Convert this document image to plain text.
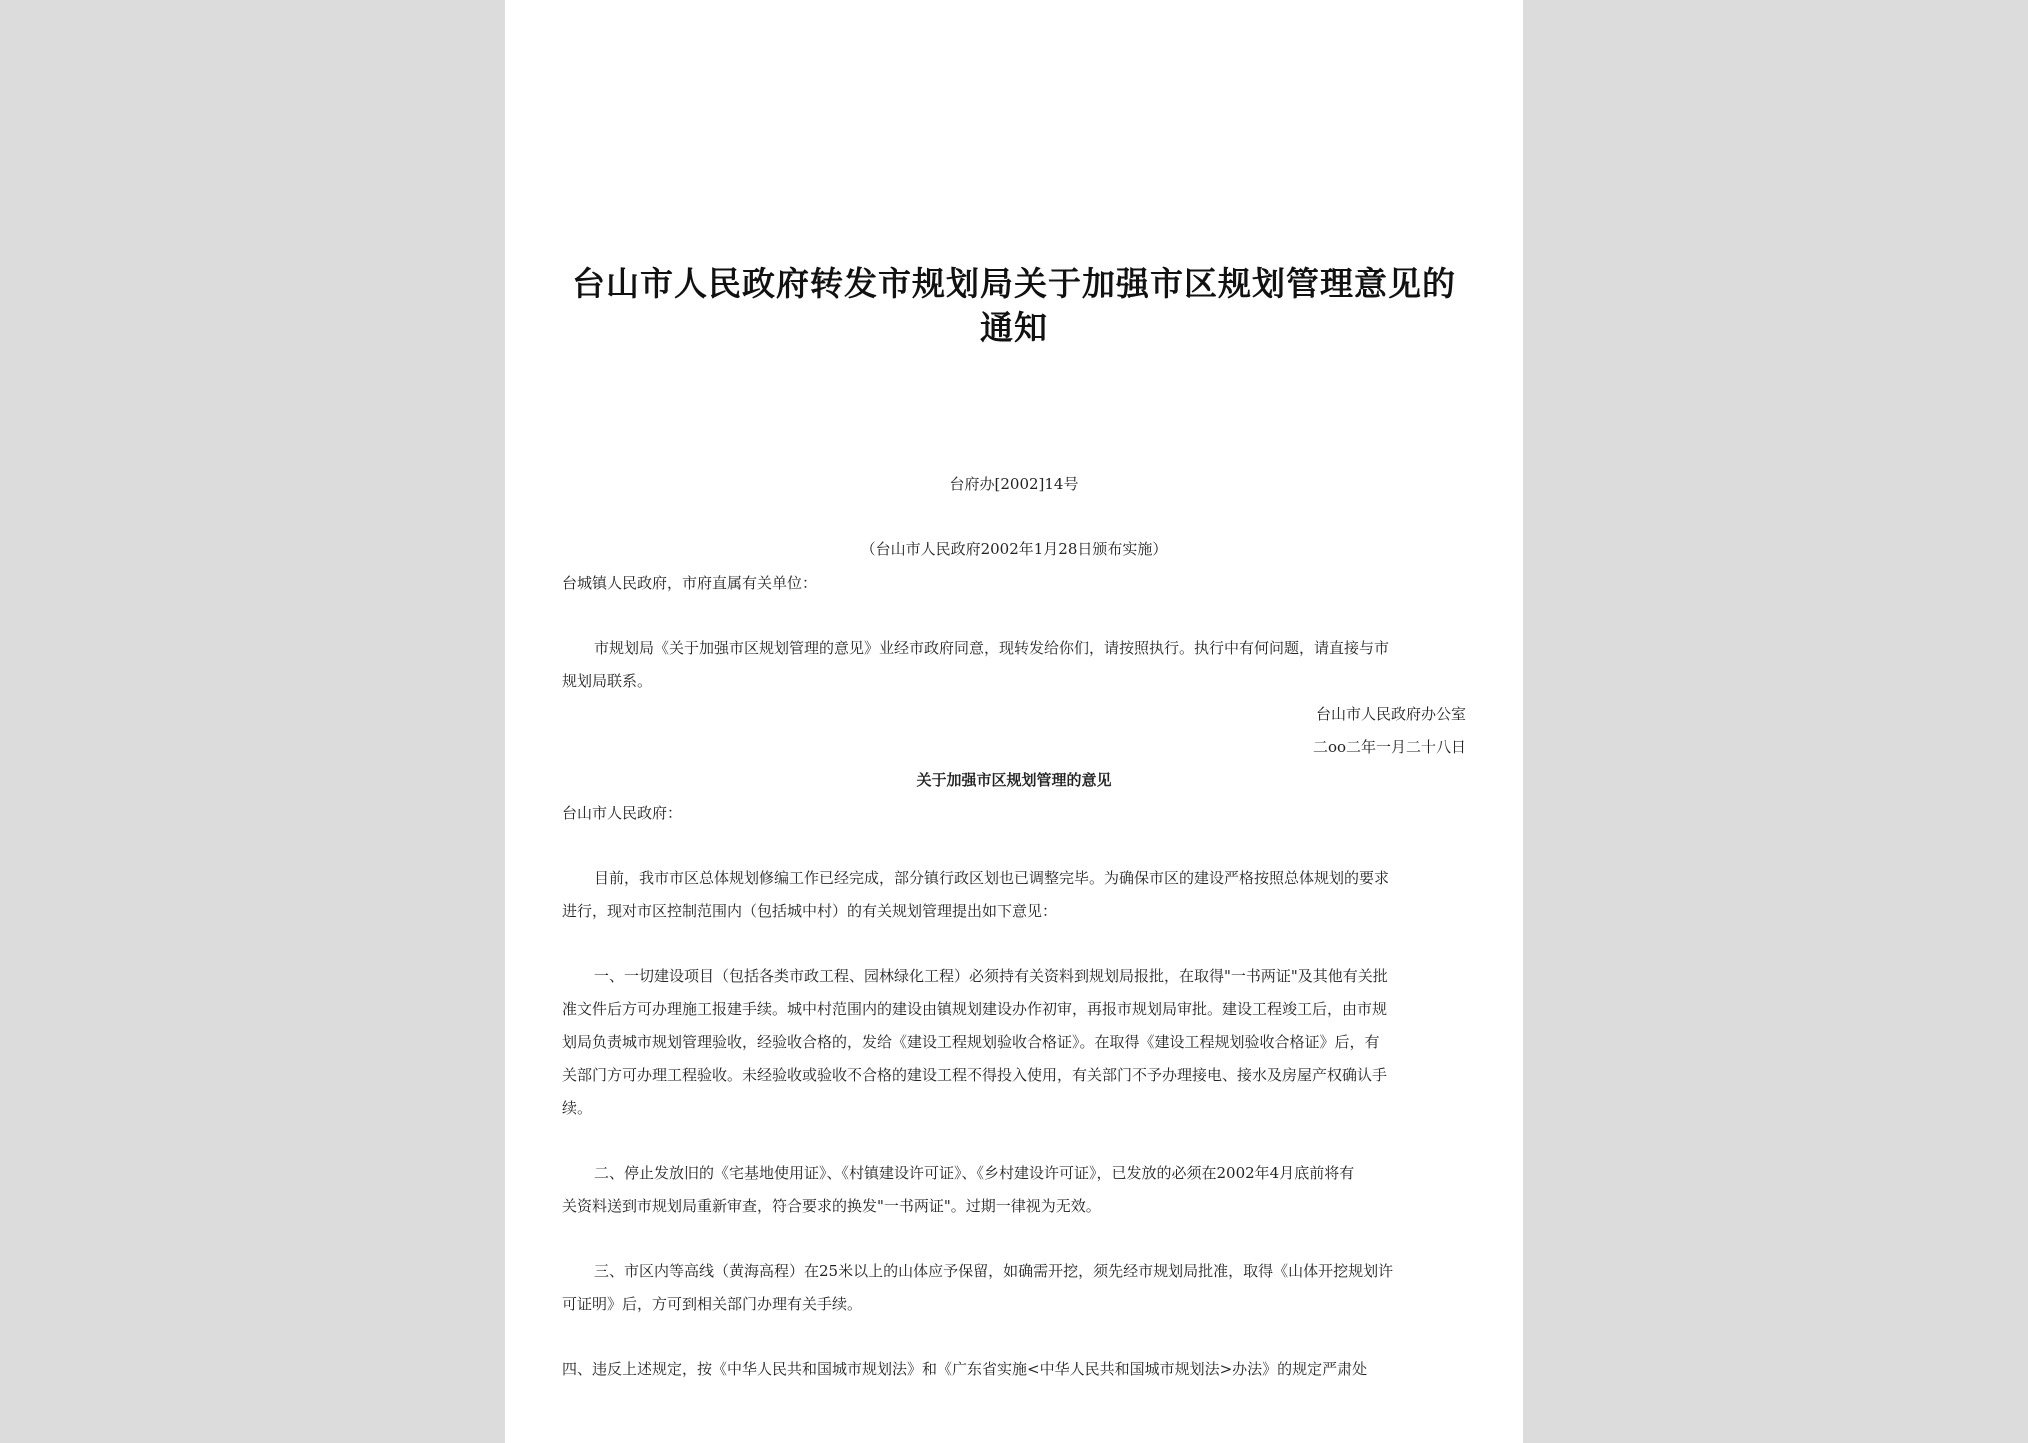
台山市人民政府转发市规划局关于加强市区规划管理意见的通知
台府办[2002]14号
（台山市人民政府2002年1月28日颁布实施）
台城镇人民政府，市府直属有关单位：
市规划局《关于加强市区规划管理的意见》业经市政府同意，现转发给你们，请按照执行。执行中有何问题，请直接与市
规划局联系。
台山市人民政府办公室
二oo二年一月二十八日
关于加强市区规划管理的意见
台山市人民政府：
目前，我市市区总体规划修编工作已经完成，部分镇行政区划也已调整完毕。为确保市区的建设严格按照总体规划的要求
进行，现对市区控制范围内（包括城中村）的有关规划管理提出如下意见：
一、一切建设项目（包括各类市政工程、园林绿化工程）必须持有关资料到规划局报批，在取得"一书两证"及其他有关批
准文件后方可办理施工报建手续。城中村范围内的建设由镇规划建设办作初审，再报市规划局审批。建设工程竣工后，由市规
划局负责城市规划管理验收，经验收合格的，发给《建设工程规划验收合格证》。在取得《建设工程规划验收合格证》后，有
关部门方可办理工程验收。未经验收或验收不合格的建设工程不得投入使用，有关部门不予办理接电、接水及房屋产权确认手
续。
二、停止发放旧的《宅基地使用证》、《村镇建设许可证》、《乡村建设许可证》，已发放的必须在2002年4月底前将有
关资料送到市规划局重新审查，符合要求的换发"一书两证"。过期一律视为无效。
三、市区内等高线（黄海高程）在25米以上的山体应予保留，如确需开挖，须先经市规划局批准，取得《山体开挖规划许
可证明》后，方可到相关部门办理有关手续。
四、违反上述规定，按《中华人民共和国城市规划法》和《广东省实施<中华人民共和国城市规划法>办法》的规定严肃处
